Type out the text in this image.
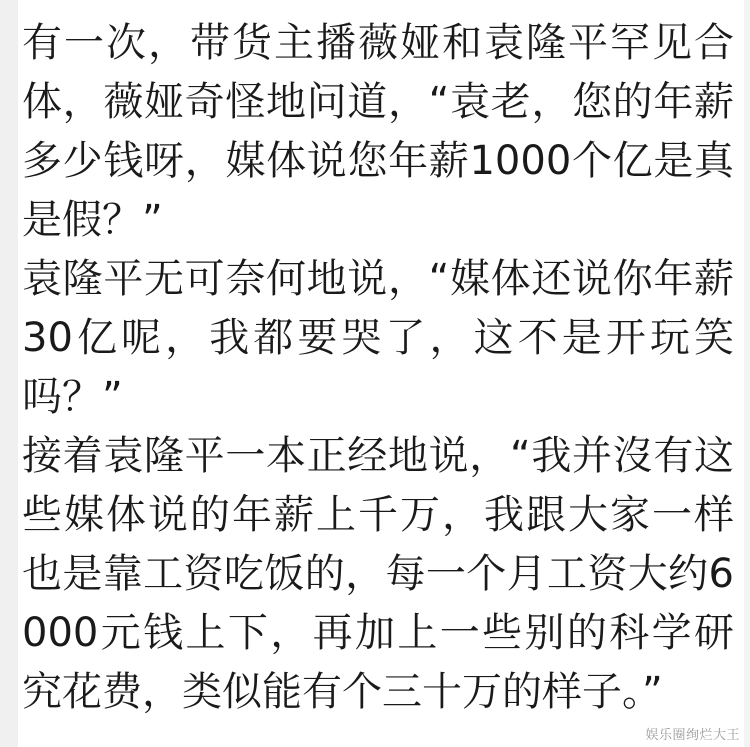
有一次，带货主播薇娅和袁隆平罕见合体，薇娅奇怪地问道，“袁老，您的年薪多少钱呀，媒体说您年薪1000个亿是真是假？”

袁隆平无可奈何地说，“媒体还说你年薪30亿呢，我都要哭了，这不是开玩笑吗？”

接着袁隆平一本正经地说，“我并沒有这些媒体说的年薪上千万，我跟大家一样也是靠工资吃饭的，每一个月工资大约6000元钱上下，再加上一些别的科学研究花费，类似能有个三十万的样子。”

娱乐圈绚烂大王
